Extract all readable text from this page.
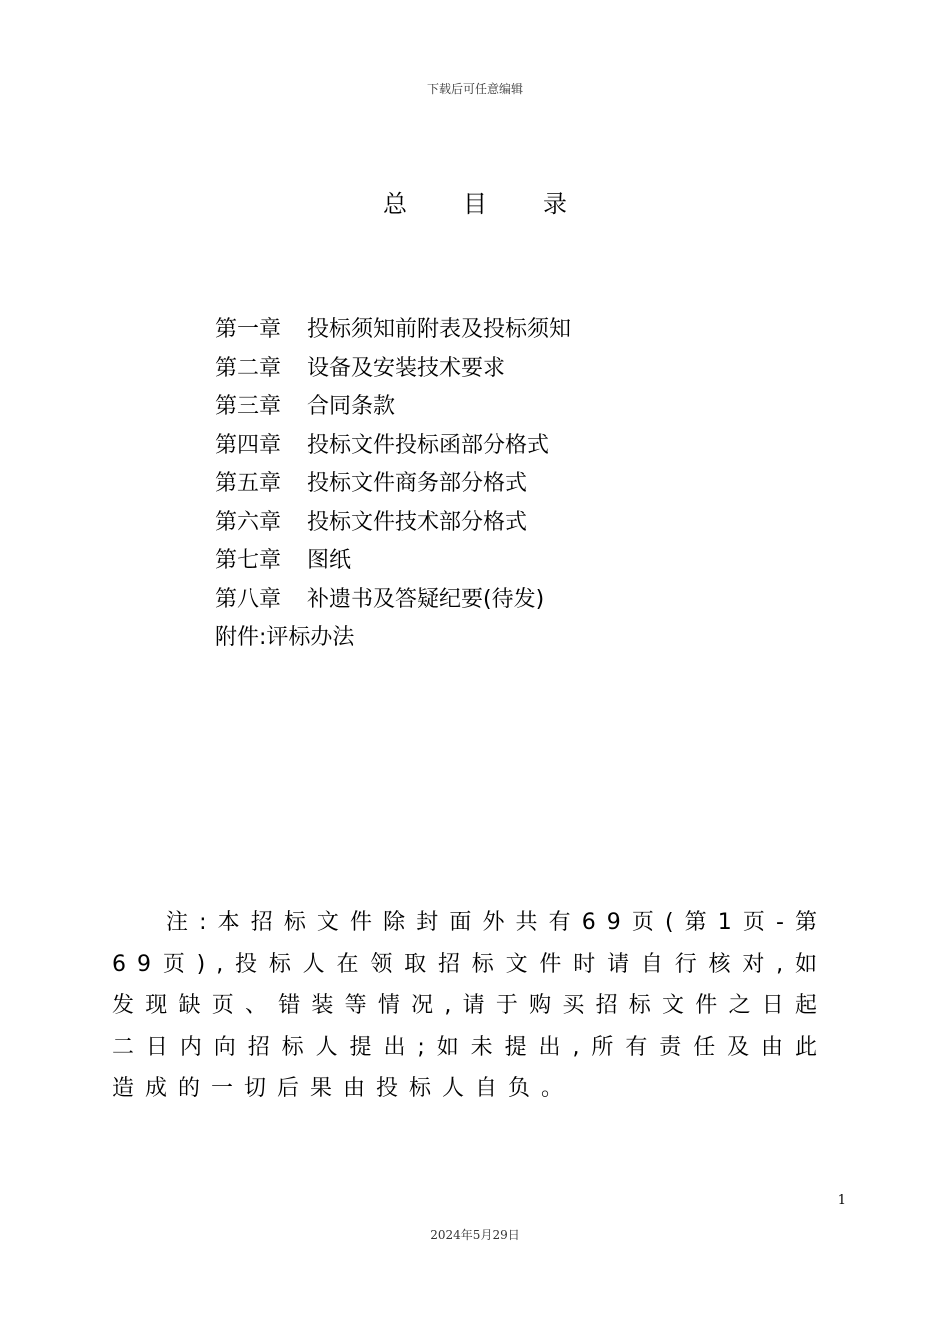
下载后可任意编辑
总目录
第一章	投标须知前附表及投标须知
第二章	设备及安装技术要求
第三章	合同条款
第四章	投标文件投标函部分格式
第五章	投标文件商务部分格式
第六章	投标文件技术部分格式
第七章	图纸
第八章	补遗书及答疑纪要(待发)
附件:评标办法

注:本招标文件除封面外共有69页(第1页-第69页),投标人在领取招标文件时请自行核对,如发现缺页、错装等情况,请于购买招标文件之日起二日内向招标人提出;如未提出,所有责任及由此造成的一切后果由投标人自负。

1
2024年5月29日
